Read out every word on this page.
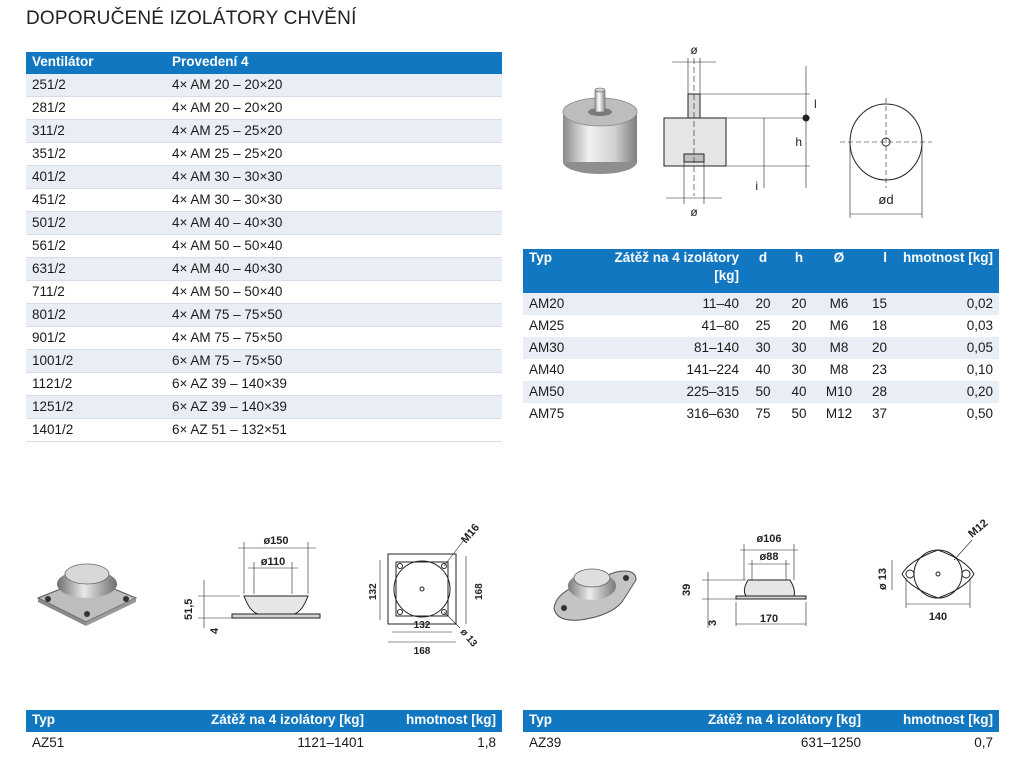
DOPORUČENÉ IZOLÁTORY CHVĚNÍ
Ventilátor	Provedení 4
251/2	4× AM 20 – 20×20
281/2	4× AM 20 – 20×20
311/2	4× AM 25 – 25×20
351/2	4× AM 25 – 25×20
401/2	4× AM 30 – 30×30
451/2	4× AM 30 – 30×30
501/2	4× AM 40 – 40×30
561/2	4× AM 50 – 50×40
631/2	4× AM 40 – 40×30
711/2	4× AM 50 – 50×40
801/2	4× AM 75 – 75×50
901/2	4× AM 75 – 75×50
1001/2	6× AM 75 – 75×50
1121/2	6× AZ 39 – 140×39
1251/2	6× AZ 39 – 140×39
1401/2	6× AZ 51 – 132×51
Typ	Zátěž na 4 izolátory [kg]	d	h	Ø	l	hmotnost [kg]
AM20	11–40	20	20	M6	15	0,02
AM25	41–80	25	20	M6	18	0,03
AM30	81–140	30	30	M8	20	0,05
AM40	141–224	40	30	M8	23	0,10
AM50	225–315	50	40	M10	28	0,20
AM75	316–630	75	50	M12	37	0,50
Typ	Zátěž na 4 izolátory [kg]	hmotnost [kg]
AZ51	1121–1401	1,8
Typ	Zátěž na 4 izolátory [kg]	hmotnost [kg]
AZ39	631–1250	0,7
ø
ø
l
h
i
ød
ø150
ø110
51,5
4
M16
132	168
132
168
ø 13
ø106
ø88
39
3	170
M12
ø 13
140
